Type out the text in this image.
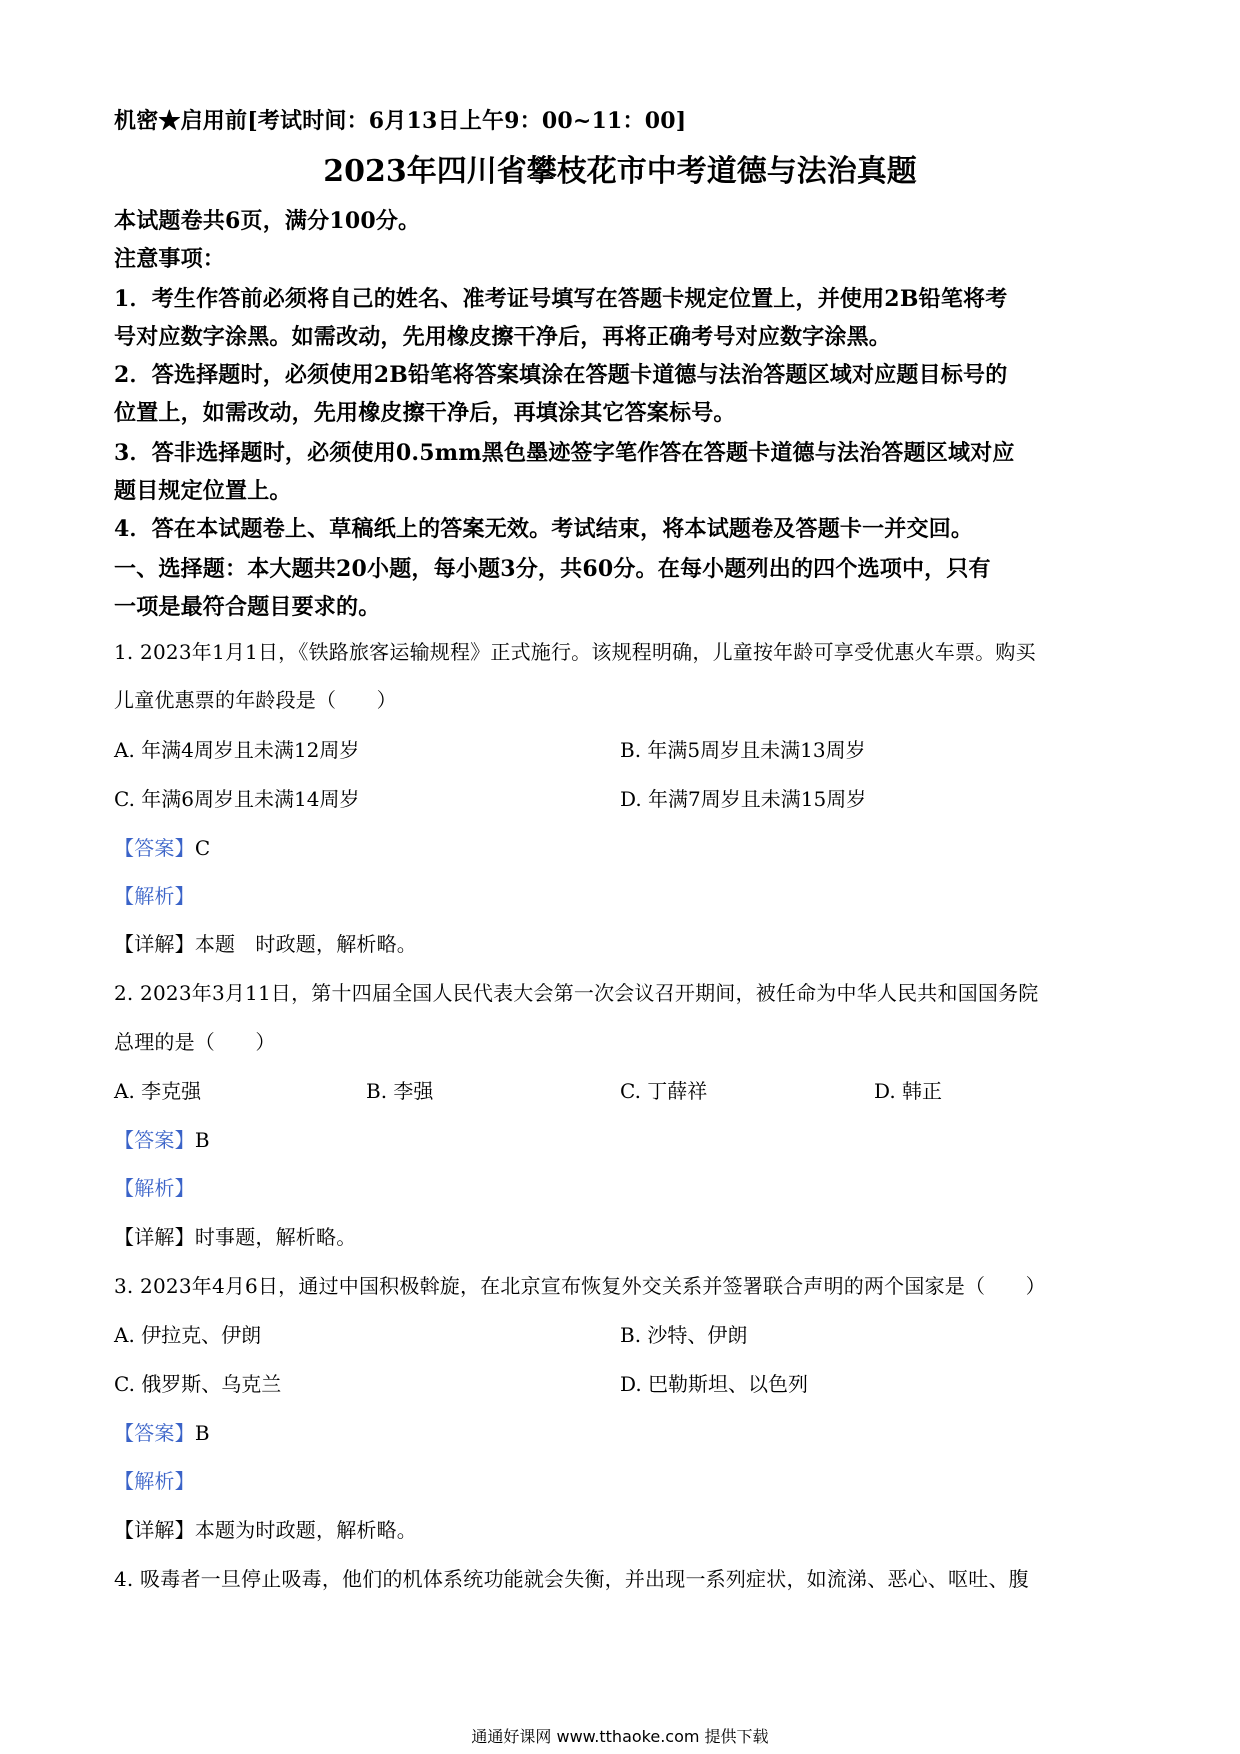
机密★启用前[考试时间：6月13日上午9：00~11：00]
2023年四川省攀枝花市中考道德与法治真题
本试题卷共6页，满分100分。
注意事项：
1．考生作答前必须将自己的姓名、准考证号填写在答题卡规定位置上，并使用2B铅笔将考
号对应数字涂黑。如需改动，先用橡皮擦干净后，再将正确考号对应数字涂黑。
2．答选择题时，必须使用2B铅笔将答案填涂在答题卡道德与法治答题区域对应题目标号的
位置上，如需改动，先用橡皮擦干净后，再填涂其它答案标号。
3．答非选择题时，必须使用0.5mm黑色墨迹签字笔作答在答题卡道德与法治答题区域对应
题目规定位置上。
4．答在本试题卷上、草稿纸上的答案无效。考试结束，将本试题卷及答题卡一并交回。
一、选择题：本大题共20小题，每小题3分，共60分。在每小题列出的四个选项中，只有
一项是最符合题目要求的。
1. 2023年1月1日，《铁路旅客运输规程》正式施行。该规程明确，儿童按年龄可享受优惠火车票。购买
儿童优惠票的年龄段是（　　）
A. 年满4周岁且未满12周岁	B. 年满5周岁且未满13周岁
C. 年满6周岁且未满14周岁	D. 年满7周岁且未满15周岁
【答案】C
【解析】
【详解】本题　时政题，解析略。
2. 2023年3月11日，第十四届全国人民代表大会第一次会议召开期间，被任命为中华人民共和国国务院
总理的是（　　）
A. 李克强	B. 李强	C. 丁薛祥	D. 韩正
【答案】B
【解析】
【详解】时事题，解析略。
3. 2023年4月6日，通过中国积极斡旋，在北京宣布恢复外交关系并签署联合声明的两个国家是（　　）
A. 伊拉克、伊朗	B. 沙特、伊朗
C. 俄罗斯、乌克兰	D. 巴勒斯坦、以色列
【答案】B
【解析】
【详解】本题为时政题，解析略。
4. 吸毒者一旦停止吸毒，他们的机体系统功能就会失衡，并出现一系列症状，如流涕、恶心、呕吐、腹
通通好课网 www.tthaoke.com 提供下载
